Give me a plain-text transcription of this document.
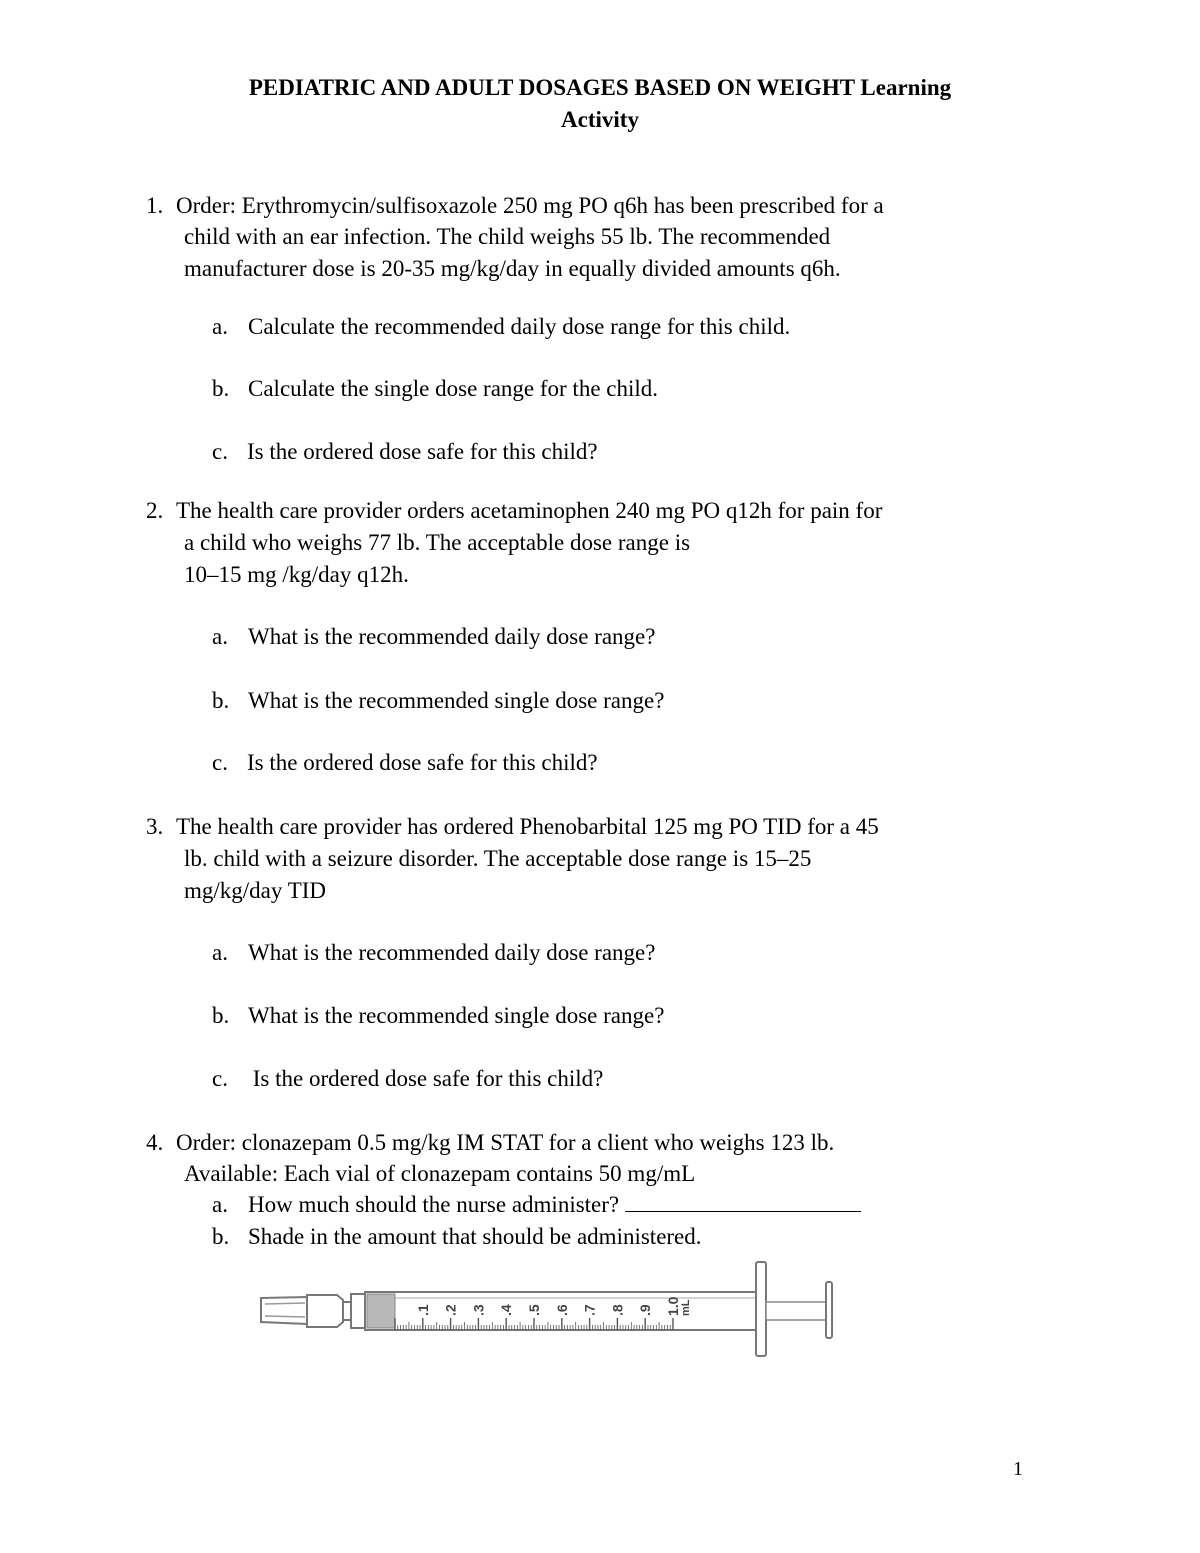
PEDIATRIC AND ADULT DOSAGES BASED ON WEIGHT Learning
Activity
1. Order: Erythromycin/sulfisoxazole 250 mg PO q6h has been prescribed for a
child with an ear infection. The child weighs 55 lb. The recommended
manufacturer dose is 20-35 mg/kg/day in equally divided amounts q6h.
a. Calculate the recommended daily dose range for this child.
b. Calculate the single dose range for the child.
c. Is the ordered dose safe for this child?
2. The health care provider orders acetaminophen 240 mg PO q12h for pain for
a child who weighs 77 lb. The acceptable dose range is
10–15 mg /kg/day q12h.
a. What is the recommended daily dose range?
b. What is the recommended single dose range?
c. Is the ordered dose safe for this child?
3. The health care provider has ordered Phenobarbital 125 mg PO TID for a 45
lb. child with a seizure disorder. The acceptable dose range is 15–25
mg/kg/day TID
a. What is the recommended daily dose range?
b. What is the recommended single dose range?
c. Is the ordered dose safe for this child?
4. Order: clonazepam 0.5 mg/kg IM STAT for a client who weighs 123 lb.
Available: Each vial of clonazepam contains 50 mg/mL
a. How much should the nurse administer?
b. Shade in the amount that should be administered.
.1 .2 .3 .4 .5 .6 .7 .8 .9 1.0 mL
1
